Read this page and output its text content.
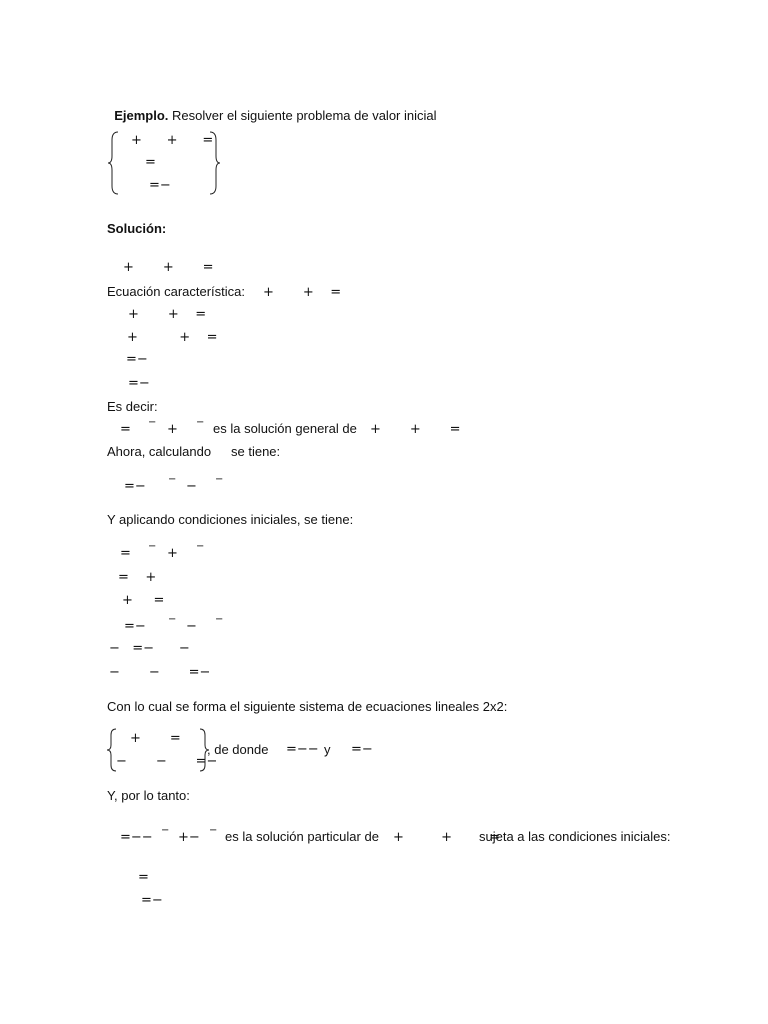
Ejemplo. Resolver el siguiente problema de valor inicial

+      +      =
=
=−
Solución:
+       +       =
Ecuación característica: +       +    =
+       +    =
+          +    =
=−
=−
Es decir:
= − + − es la solución general de +       +       =
Ahora, calculando se tiene:
=− − − −
Y aplicando condiciones iniciales, se tiene:
= − + −
=    +
+     =
=− − − −
−   =−      −
−       −       =−
Con lo cual se forma el siguiente sistema de ecuaciones lineales 2x2:
+       =
−       −       =−
, de donde =−− y =−
Y, por lo tanto:
=−− − +− − es la solución particular de +         +         =
sujeta a las condiciones iniciales:
=
=−
